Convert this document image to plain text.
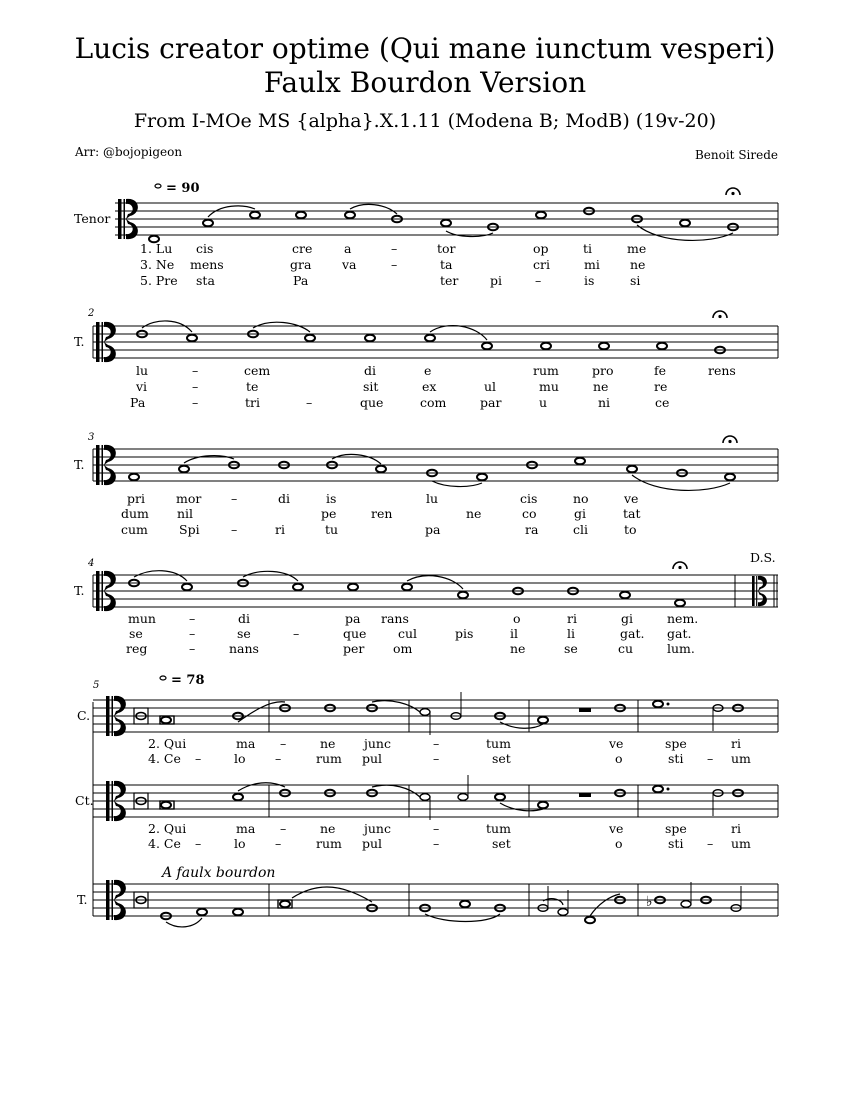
Lucis creator optime (Qui mane iunctum vesperi)
Faulx Bourdon Version
From I-MOe MS {alpha}.X.1.11 (Modena B; ModB) (19v-20)
Arr: @bojopigeon	Benoit Sirede
Tenor
= 90
1. Lu cis	cre	a	–	tor	op	ti	me
3. Ne mens	gra va	–	ta	cri	mi ne
5. Pre sta	Pa	ter	pi	–	is	si
2
T.
lu	–	cem	di	e	rum	pro	fe	rens
vi	–	te	sit	ex	ul	mu	ne	re
Pa	–	tri	–	que	com	par	u	ni	ce
3
T.
pri mor –	di	is	lu	cis	no	ve
dum nil	pe	ren	ne	co	gi	tat
cum Spi	–	ri	tu	pa	ra	cli	to
4
T.
D.S.
mun	–	di	pa rans	o	ri	gi	nem.
se	–	se	–	que	cul	pis	il	li	gat. gat.
reg	–	nans	per om	ne	se	cu	lum.
5	= 78
C.
2. Qui	ma –	ne junc	–	tum	ve	spe	ri
4. Ce –	lo –	rum pul	–	set	o	sti – um
Ct.
2. Qui	ma –	ne junc	–	tum	ve	spe	ri
4. Ce –	lo –	rum pul	–	set	o	sti – um
A faulx bourdon
T.	♭
